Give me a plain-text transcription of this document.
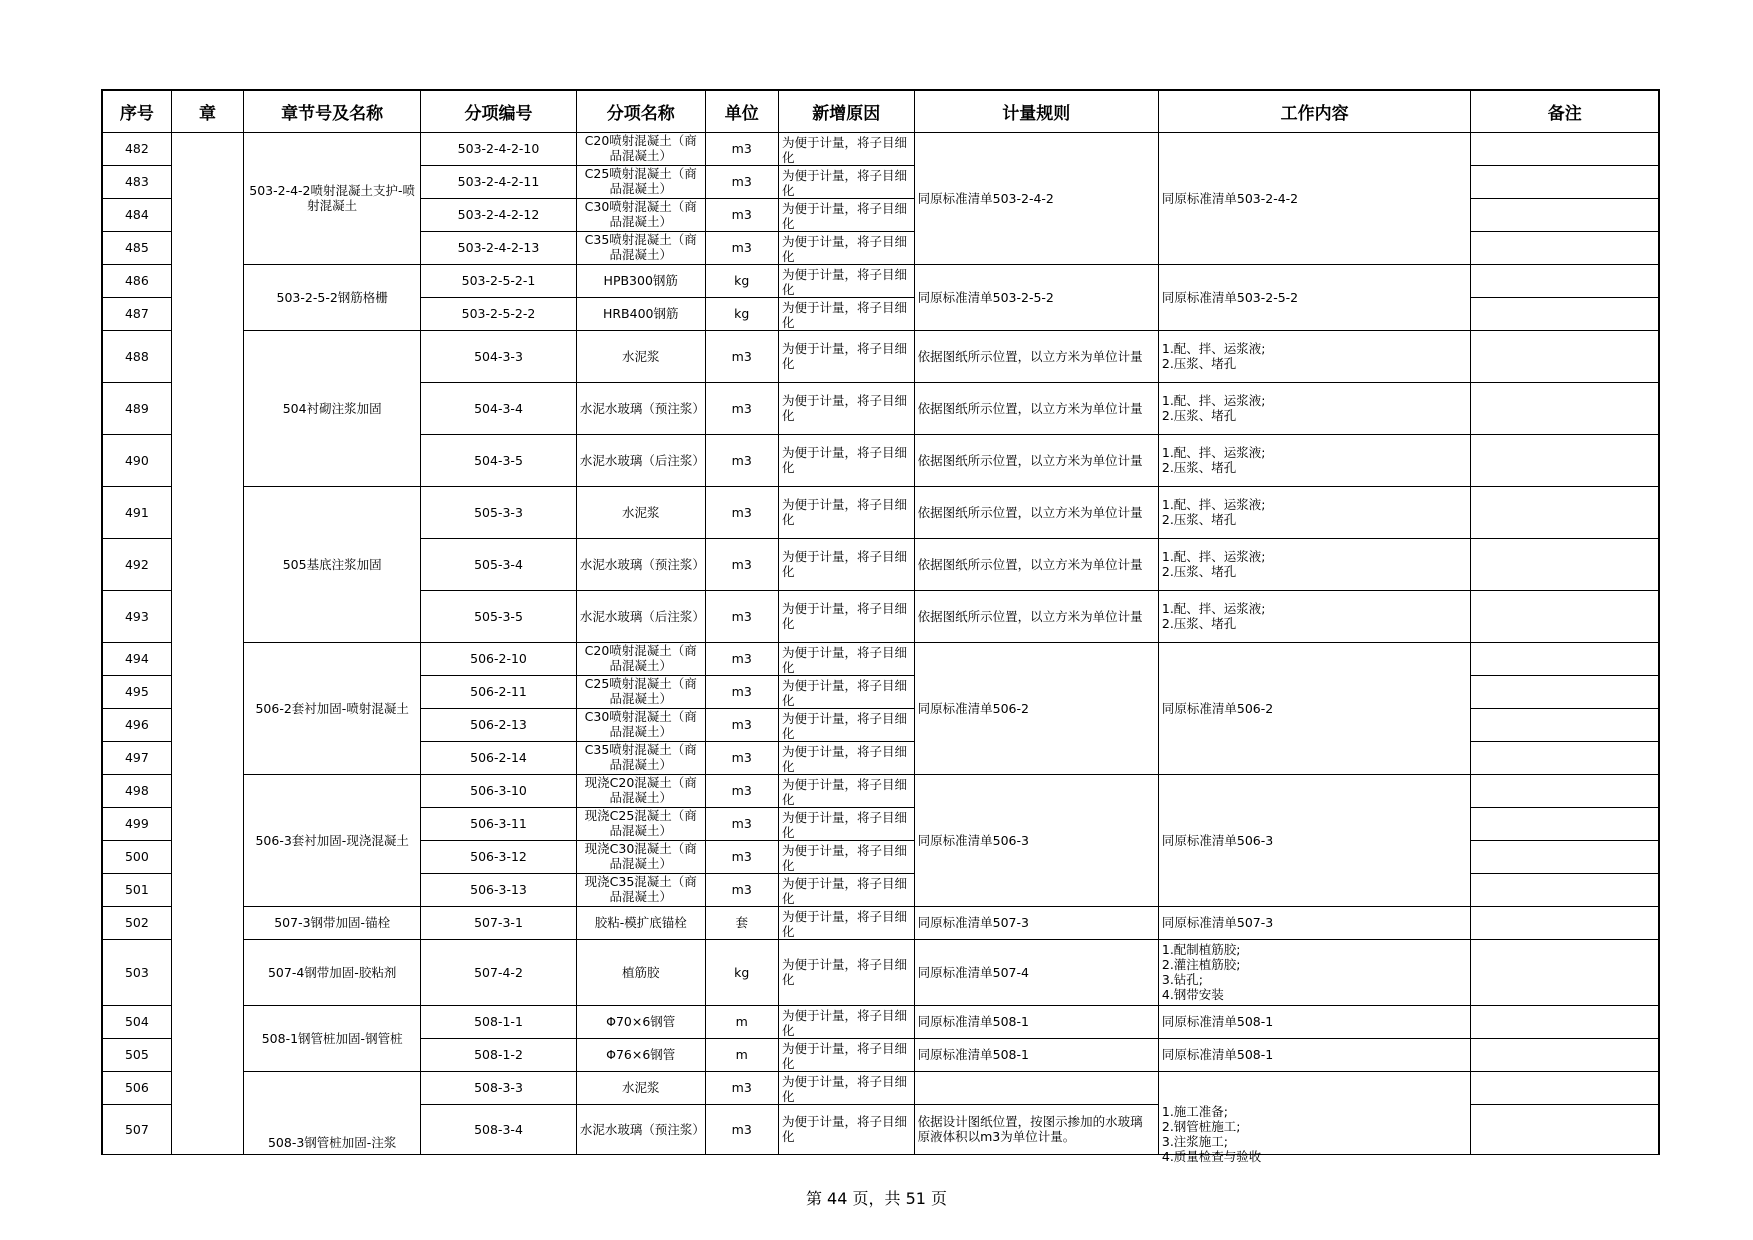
序号	章	章节号及名称	分项编号	分项名称	单位	新增原因	计量规则	工作内容	备注
482		503-2-4-2喷射混凝土支护-喷射混凝土	503-2-4-2-10	C20喷射混凝土（商品混凝土）	m3	为便于计量，将子目细化	同原标准清单503-2-4-2	同原标准清单503-2-4-2	
483			503-2-4-2-11	C25喷射混凝土（商品混凝土）	m3	为便于计量，将子目细化			
484			503-2-4-2-12	C30喷射混凝土（商品混凝土）	m3	为便于计量，将子目细化			
485			503-2-4-2-13	C35喷射混凝土（商品混凝土）	m3	为便于计量，将子目细化			
486		503-2-5-2钢筋格栅	503-2-5-2-1	HPB300钢筋	kg	为便于计量，将子目细化	同原标准清单503-2-5-2	同原标准清单503-2-5-2	
487			503-2-5-2-2	HRB400钢筋	kg	为便于计量，将子目细化			
488		504衬砌注浆加固	504-3-3	水泥浆	m3	为便于计量，将子目细化	依据图纸所示位置，以立方米为单位计量	1.配、拌、运浆液;
2.压浆、堵孔	
489			504-3-4	水泥水玻璃（预注浆）	m3	为便于计量，将子目细化	依据图纸所示位置，以立方米为单位计量	1.配、拌、运浆液;
2.压浆、堵孔	
490			504-3-5	水泥水玻璃（后注浆）	m3	为便于计量，将子目细化	依据图纸所示位置，以立方米为单位计量	1.配、拌、运浆液;
2.压浆、堵孔	
491		505基底注浆加固	505-3-3	水泥浆	m3	为便于计量，将子目细化	依据图纸所示位置，以立方米为单位计量	1.配、拌、运浆液;
2.压浆、堵孔	
492			505-3-4	水泥水玻璃（预注浆）	m3	为便于计量，将子目细化	依据图纸所示位置，以立方米为单位计量	1.配、拌、运浆液;
2.压浆、堵孔	
493			505-3-5	水泥水玻璃（后注浆）	m3	为便于计量，将子目细化	依据图纸所示位置，以立方米为单位计量	1.配、拌、运浆液;
2.压浆、堵孔	
494		506-2套衬加固-喷射混凝土	506-2-10	C20喷射混凝土（商品混凝土）	m3	为便于计量，将子目细化	同原标准清单506-2	同原标准清单506-2	
495			506-2-11	C25喷射混凝土（商品混凝土）	m3	为便于计量，将子目细化			
496			506-2-13	C30喷射混凝土（商品混凝土）	m3	为便于计量，将子目细化			
497			506-2-14	C35喷射混凝土（商品混凝土）	m3	为便于计量，将子目细化			
498		506-3套衬加固-现浇混凝土	506-3-10	现浇C20混凝土（商品混凝土）	m3	为便于计量，将子目细化	同原标准清单506-3	同原标准清单506-3	
499			506-3-11	现浇C25混凝土（商品混凝土）	m3	为便于计量，将子目细化			
500			506-3-12	现浇C30混凝土（商品混凝土）	m3	为便于计量，将子目细化			
501			506-3-13	现浇C35混凝土（商品混凝土）	m3	为便于计量，将子目细化			
502		507-3钢带加固-锚栓	507-3-1	胶粘-模扩底锚栓	套	为便于计量，将子目细化	同原标准清单507-3	同原标准清单507-3	
503		507-4钢带加固-胶粘剂	507-4-2	植筋胶	kg	为便于计量，将子目细化	同原标准清单507-4	1.配制植筋胶;
2.灌注植筋胶;
3.钻孔;
4.钢带安装	

504		508-1钢管桩加固-钢管桩	508-1-1	Φ70×6钢管	m	为便于计量，将子目细化	同原标准清单508-1	同原标准清单508-1	
505			508-1-2	Φ76×6钢管	m	为便于计量，将子目细化	同原标准清单508-1	同原标准清单508-1	
506		508-3钢管桩加固-注浆	508-3-3	水泥浆	m3	为便于计量，将子目细化		1.施工准备;
2.钢管桩施工;
3.注浆施工;
4.质量检查与验收	

507			508-3-4	水泥水玻璃（预注浆）	m3	为便于计量，将子目细化	依据设计图纸位置，按图示掺加的水玻璃原液体积以m3为单位计量。		
第 44 页，共 51 页
